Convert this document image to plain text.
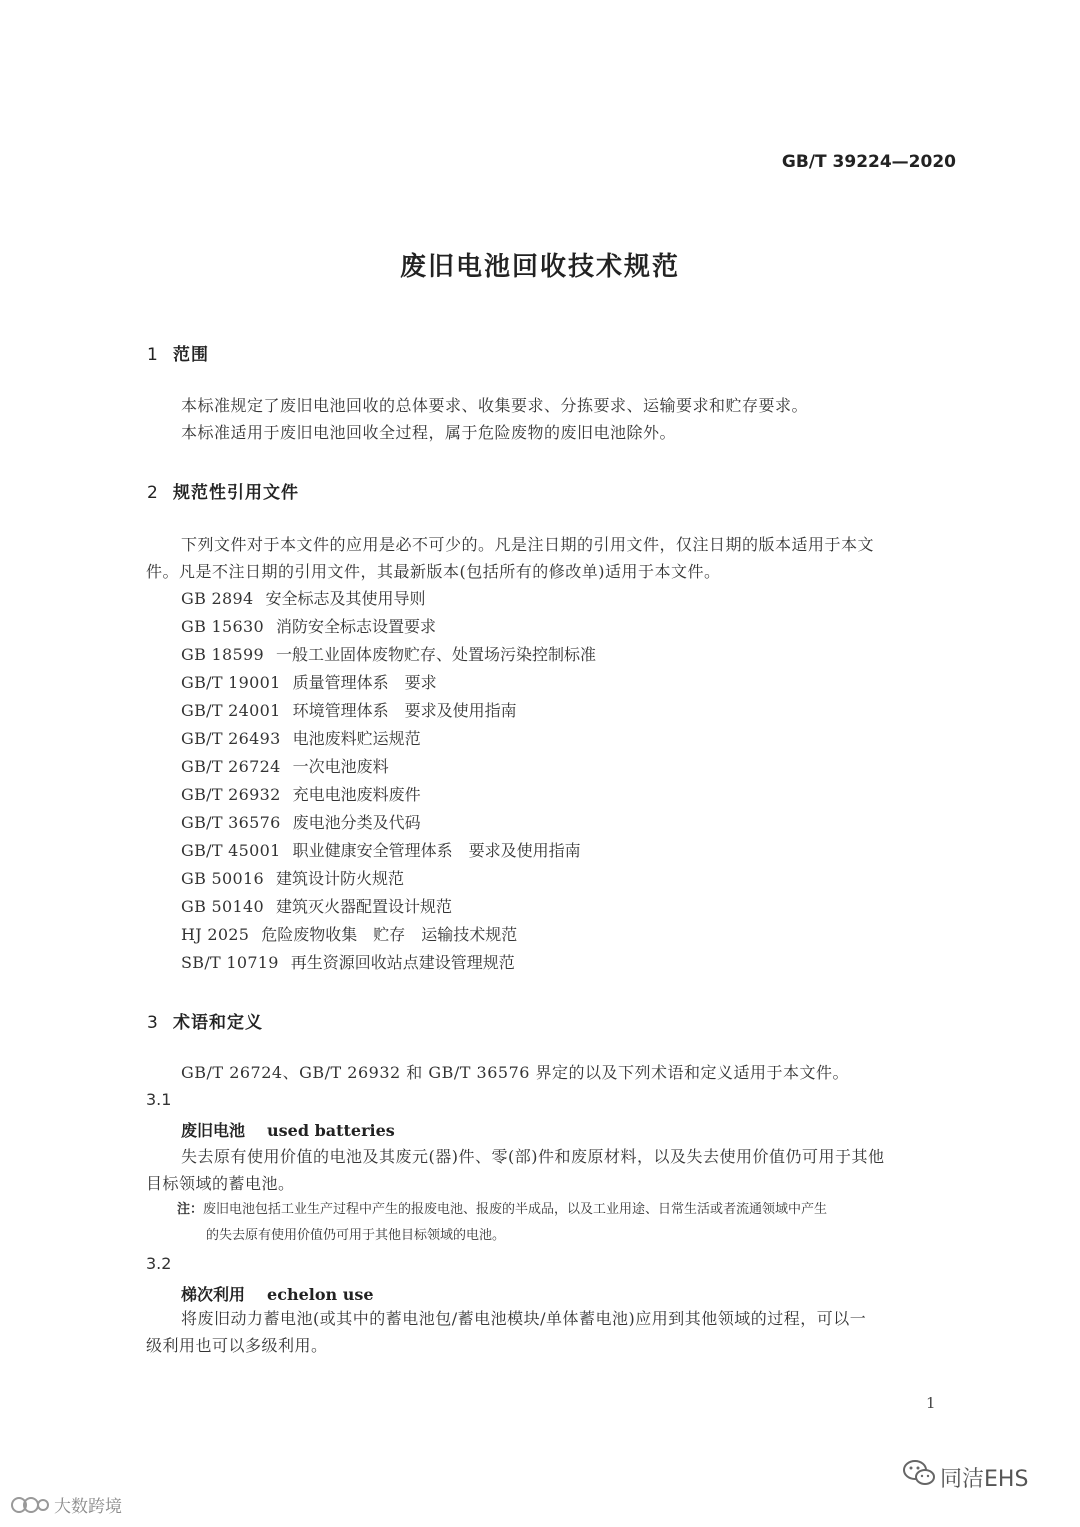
GB/T 39224—2020
废旧电池回收技术规范
1 范围
本标准规定了废旧电池回收的总体要求、收集要求、分拣要求、运输要求和贮存要求。
本标准适用于废旧电池回收全过程，属于危险废物的废旧电池除外。
2 规范性引用文件
下列文件对于本文件的应用是必不可少的。凡是注日期的引用文件，仅注日期的版本适用于本文
件。凡是不注日期的引用文件，其最新版本(包括所有的修改单)适用于本文件。
GB 2894 安全标志及其使用导则
GB 15630 消防安全标志设置要求
GB 18599 一般工业固体废物贮存、处置场污染控制标准
GB/T 19001 质量管理体系　要求
GB/T 24001 环境管理体系　要求及使用指南
GB/T 26493 电池废料贮运规范
GB/T 26724 一次电池废料
GB/T 26932 充电电池废料废件
GB/T 36576 废电池分类及代码
GB/T 45001 职业健康安全管理体系　要求及使用指南
GB 50016 建筑设计防火规范
GB 50140 建筑灭火器配置设计规范
HJ 2025 危险废物收集　贮存　运输技术规范
SB/T 10719 再生资源回收站点建设管理规范
3 术语和定义
GB/T 26724、GB/T 26932 和 GB/T 36576 界定的以及下列术语和定义适用于本文件。
3.1
废旧电池 used batteries
失去原有使用价值的电池及其废元(器)件、零(部)件和废原材料，以及失去使用价值仍可用于其他
目标领域的蓄电池。
注：废旧电池包括工业生产过程中产生的报废电池、报废的半成品，以及工业用途、日常生活或者流通领域中产生
的失去原有使用价值仍可用于其他目标领域的电池。
3.2
梯次利用 echelon use
将废旧动力蓄电池(或其中的蓄电池包/蓄电池模块/单体蓄电池)应用到其他领域的过程，可以一
级利用也可以多级利用。
1
同洁EHS
大数跨境
